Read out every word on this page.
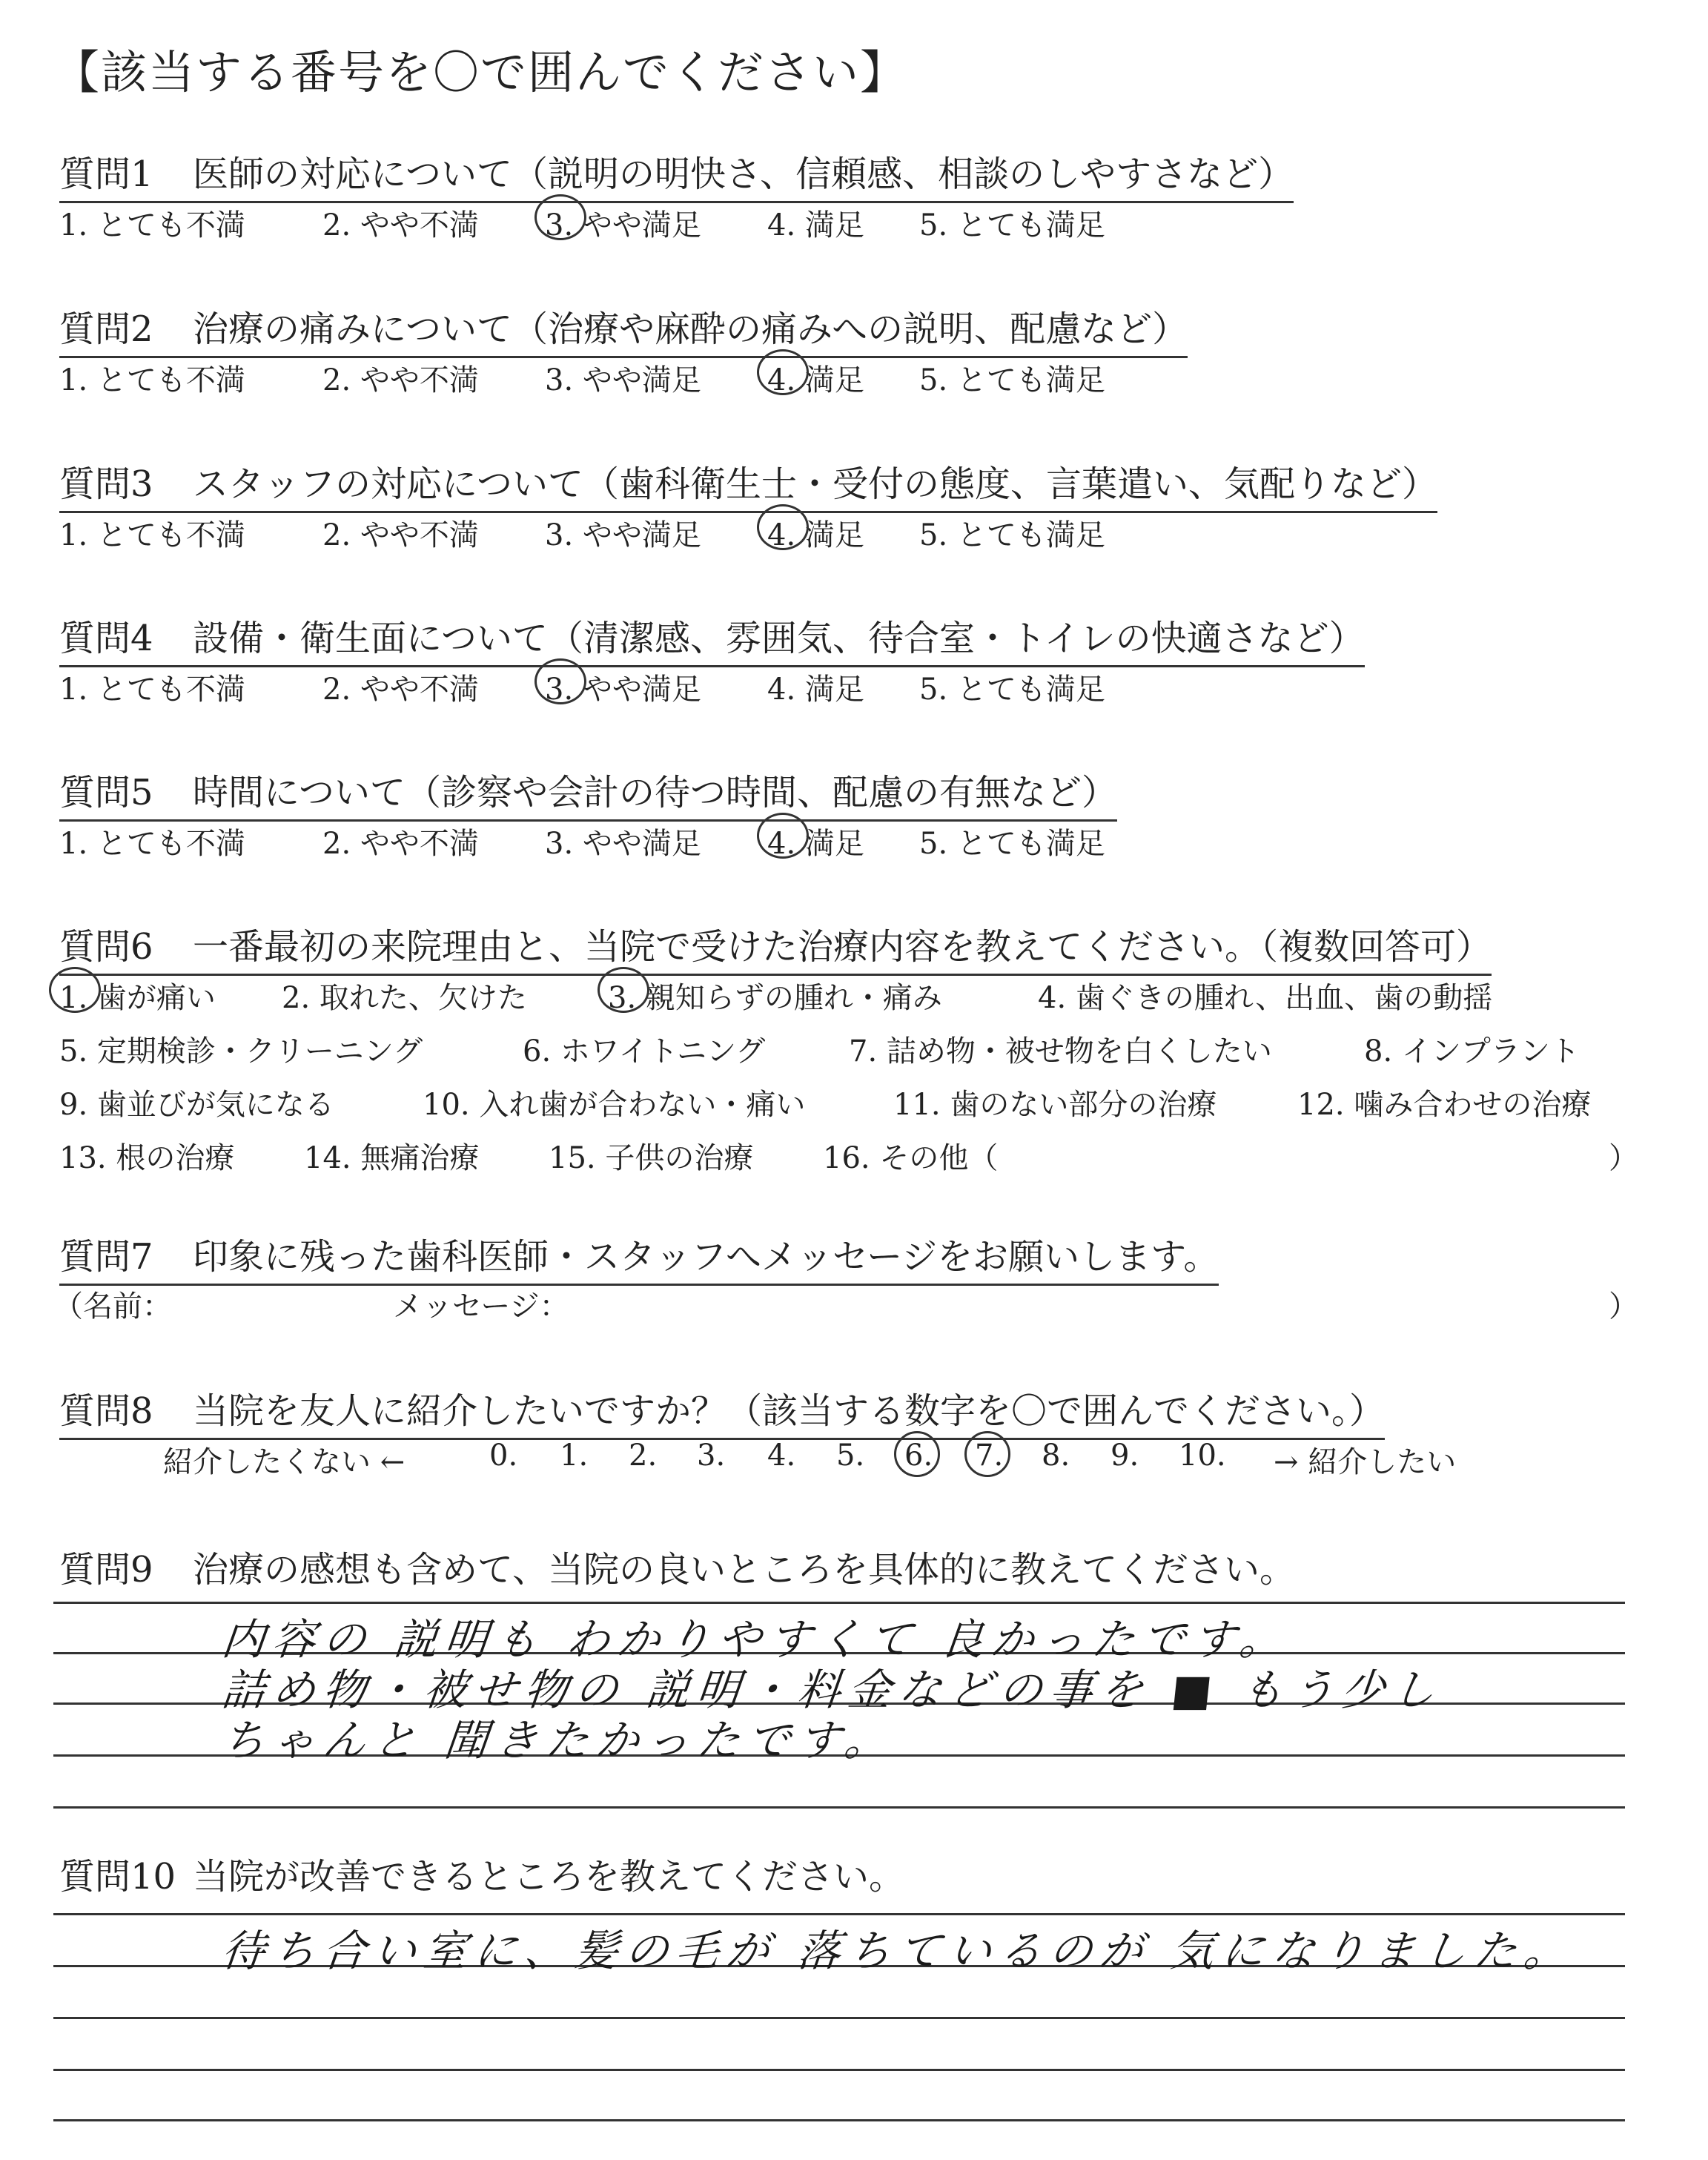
【該当する番号を〇で囲んでください】
質問1 医師の対応について（説明の明快さ、信頼感、相談のしやすさなど）
1. とても不満	2. やや不満 3. やや満足 4. 満足 5. とても満足
質問2 治療の痛みについて（治療や麻酔の痛みへの説明、配慮など）
1. とても不満	2. やや不満 3. やや満足 4. 満足 5. とても満足
質問3 スタッフの対応について（歯科衛生士・受付の態度、言葉遣い、気配りなど）
1. とても不満	2. やや不満 3. やや満足 4. 満足 5. とても満足
質問4 設備・衛生面について（清潔感、雰囲気、待合室・トイレの快適さなど）
1. とても不満	2. やや不満 3. やや満足 4. 満足 5. とても満足
質問5 時間について（診察や会計の待つ時間、配慮の有無など）
1. とても不満	2. やや不満 3. やや満足 4. 満足 5. とても満足
質問6 一番最初の来院理由と、当院で受けた治療内容を教えてください。（複数回答可）
1. 歯が痛い 2. 取れた、欠けた	3. 親知らずの腫れ・痛み	4. 歯ぐきの腫れ、出血、歯の動揺
5. 定期検診・クリーニング	6. ホワイトニング	7. 詰め物・被せ物を白くしたい	8. インプラント
9. 歯並びが気になる	10. 入れ歯が合わない・痛い	11. 歯のない部分の治療	12. 噛み合わせの治療
13. 根の治療 14. 無痛治療 15. 子供の治療 16. その他（	）
質問7 印象に残った歯科医師・スタッフへメッセージをお願いします。
（名前：	メッセージ：	）
質問8 当院を友人に紹介したいですか？（該当する数字を〇で囲んでください。）
紹介したくない ←	0. 1. 2. 3. 4. 5. 6. 7. 8. 9. 10. → 紹介したい
質問9 治療の感想も含めて、当院の良いところを具体的に教えてください。
内容の 説明も わかりやすくて 良かったです。
詰め物・被せ物の 説明・料金などの事を ■ もう少し
ちゃんと 聞きたかったです。
質問10 当院が改善できるところを教えてください。
待ち合い室に、髪の毛が 落ちているのが 気になりました。
